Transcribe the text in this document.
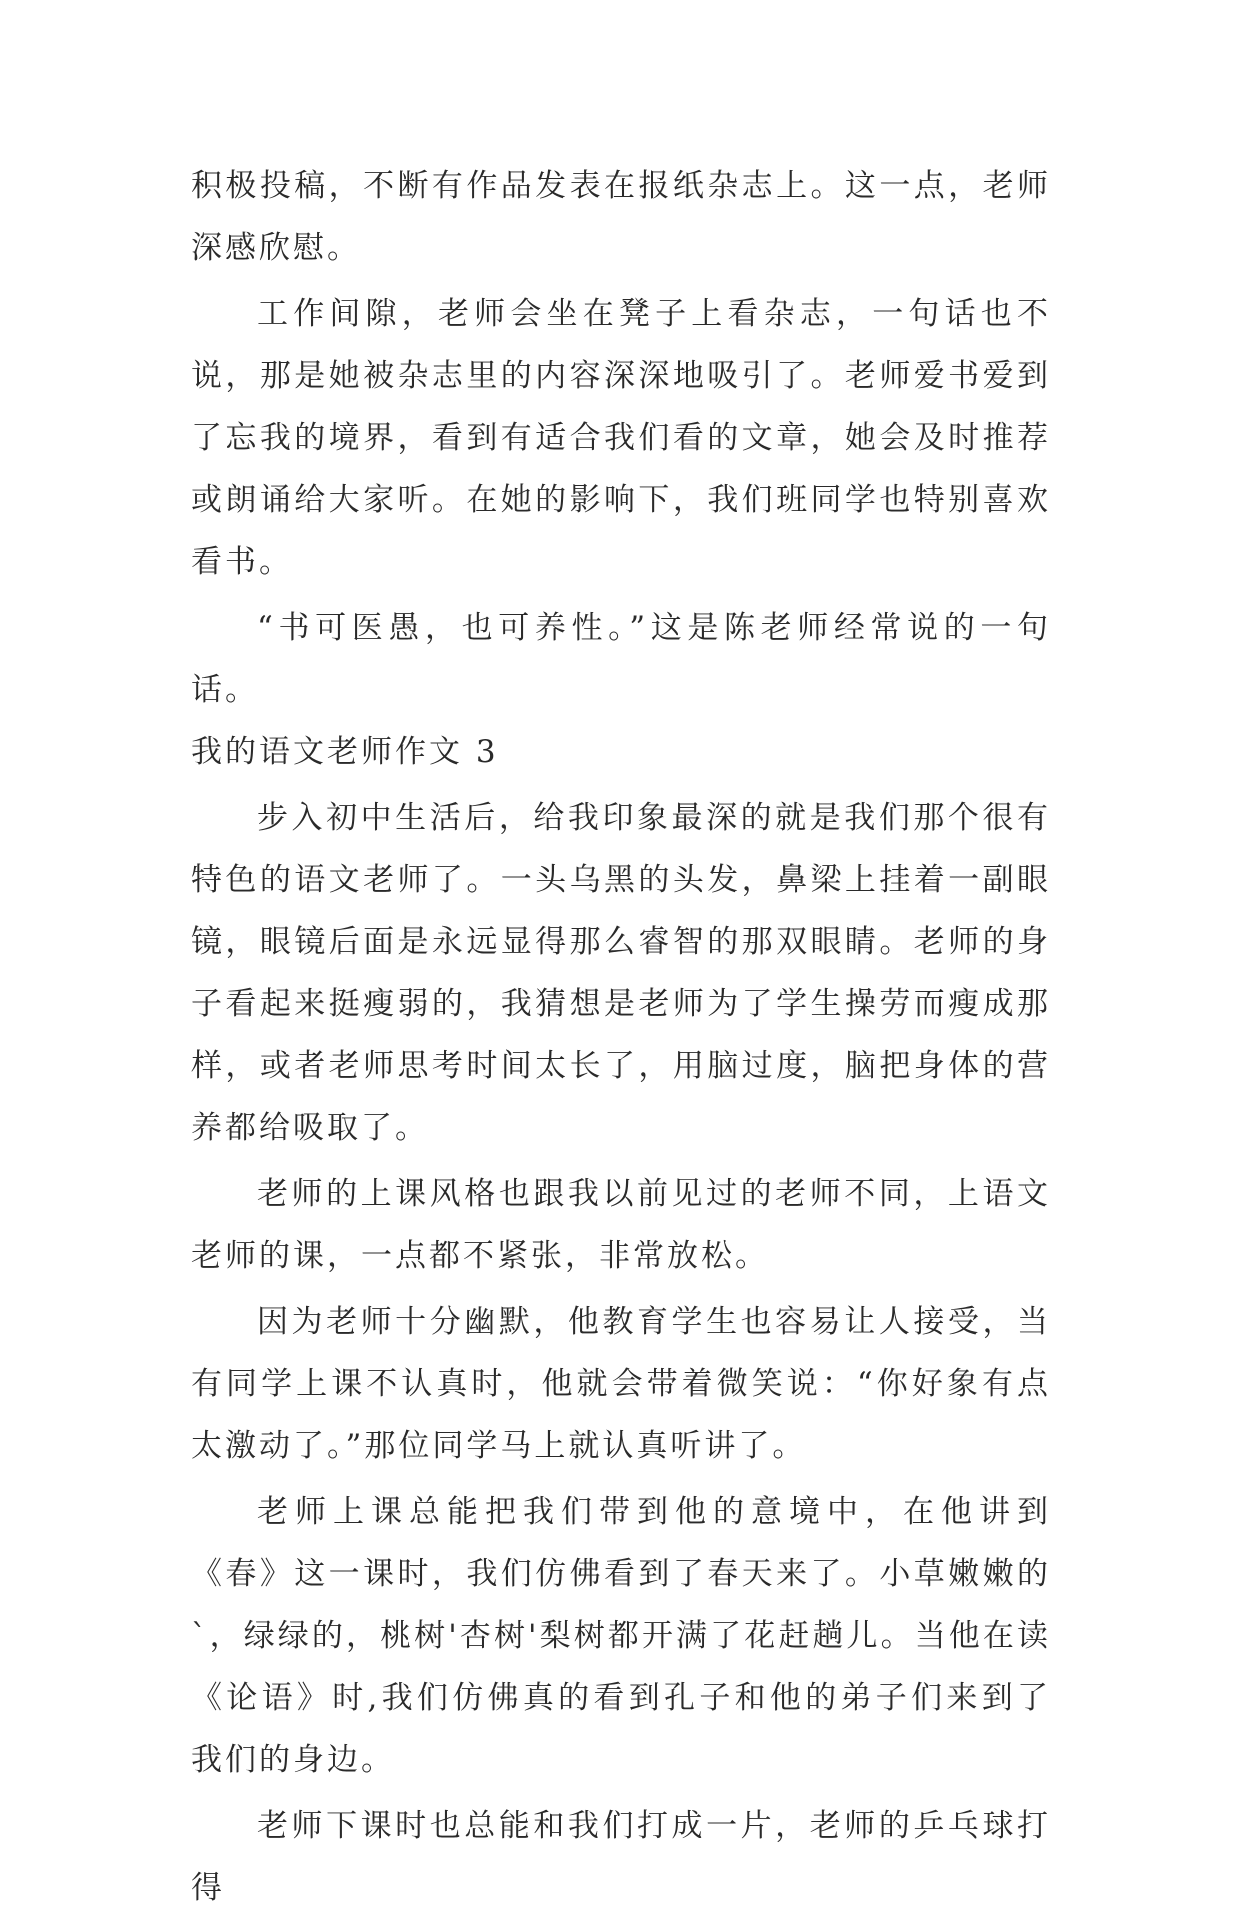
积极投稿，不断有作品发表在报纸杂志上。这一点，老师深感欣慰。

工作间隙，老师会坐在凳子上看杂志，一句话也不说，那是她被杂志里的内容深深地吸引了。老师爱书爱到了忘我的境界，看到有适合我们看的文章，她会及时推荐或朗诵给大家听。在她的影响下，我们班同学也特别喜欢看书。

“书可医愚，也可养性。”这是陈老师经常说的一句话。

我的语文老师作文 3

步入初中生活后，给我印象最深的就是我们那个很有特色的语文老师了。一头乌黑的头发，鼻梁上挂着一副眼镜，眼镜后面是永远显得那么睿智的那双眼睛。老师的身子看起来挺瘦弱的，我猜想是老师为了学生操劳而瘦成那样，或者老师思考时间太长了，用脑过度，脑把身体的营养都给吸取了。

老师的上课风格也跟我以前见过的老师不同，上语文老师的课，一点都不紧张，非常放松。

因为老师十分幽默，他教育学生也容易让人接受，当有同学上课不认真时，他就会带着微笑说：“你好象有点太激动了。”那位同学马上就认真听讲了。

老师上课总能把我们带到他的意境中，在他讲到《春》这一课时，我们仿佛看到了春天来了。小草嫩嫩的`，绿绿的，桃树'杏树'梨树都开满了花赶趟儿。当他在读《论语》时,我们仿佛真的看到孔子和他的弟子们来到了我们的身边。

老师下课时也总能和我们打成一片，老师的乒乓球打得
